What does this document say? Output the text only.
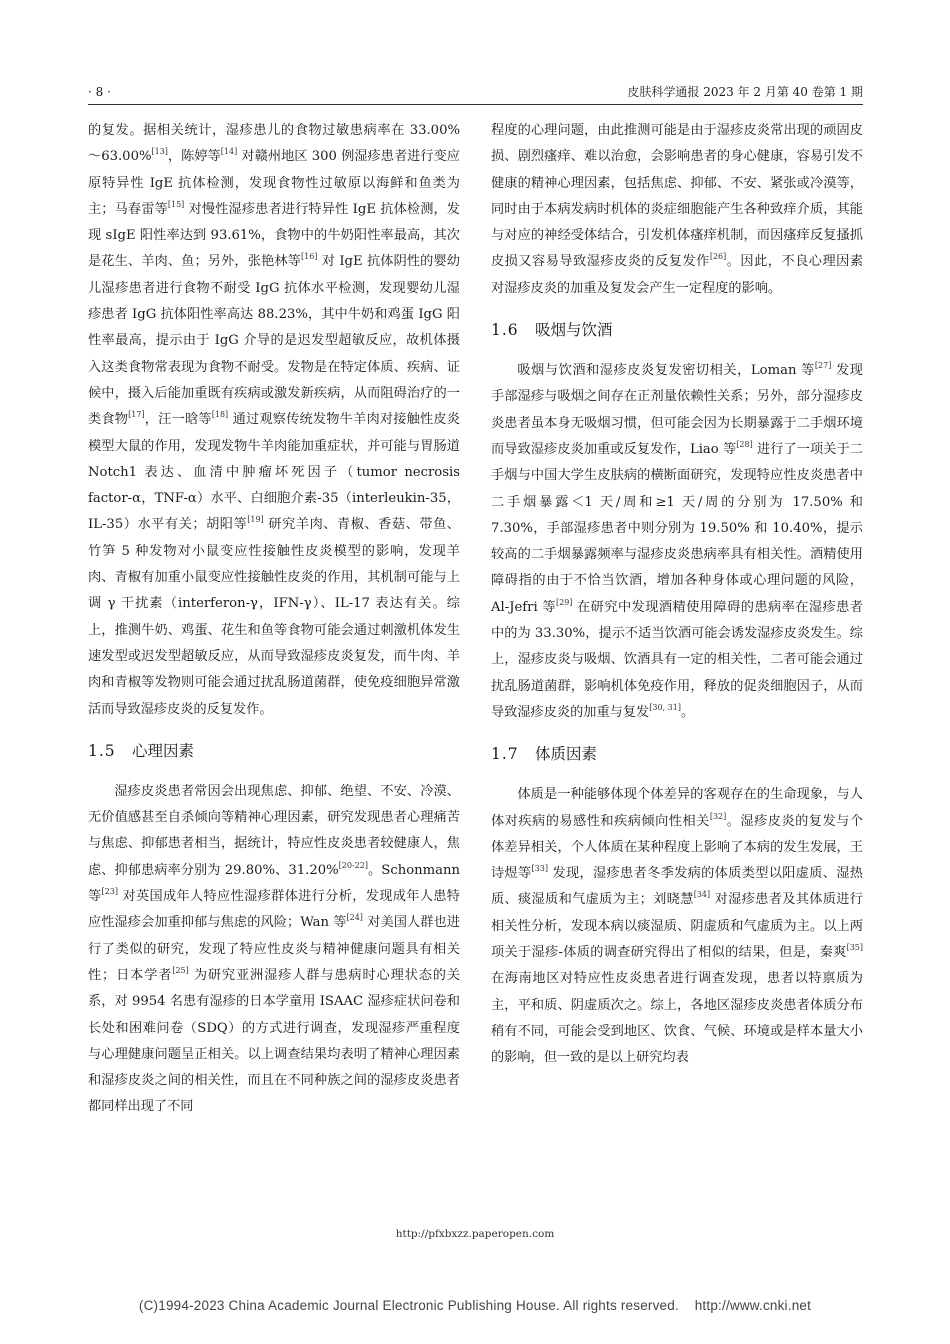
· 8 ·	皮肤科学通报 2023 年 2 月第 40 卷第 1 期

的复发。据相关统计，湿疹患儿的食物过敏患病率在 33.00% ～63.00%[13]，陈婷等[14] 对赣州地区 300 例湿疹患者进行变应原特异性 IgE 抗体检测，发现食物性过敏原以海鲜和鱼类为主；马春雷等[15] 对慢性湿疹患者进行特异性 IgE 抗体检测，发现 sIgE 阳性率达到 93.61%，食物中的牛奶阳性率最高，其次是花生、羊肉、鱼；另外，张艳林等[16] 对 IgE 抗体阴性的婴幼儿湿疹患者进行食物不耐受 IgG 抗体水平检测，发现婴幼儿湿疹患者 IgG 抗体阳性率高达 88.23%，其中牛奶和鸡蛋 IgG 阳性率最高，提示由于 IgG 介导的是迟发型超敏反应，故机体摄入这类食物常表现为食物不耐受。发物是在特定体质、疾病、证候中，摄入后能加重既有疾病或激发新疾病，从而阻碍治疗的一类食物[17]，汪一晗等[18] 通过观察传统发物牛羊肉对接触性皮炎模型大鼠的作用，发现发物牛羊肉能加重症状，并可能与胃肠道 Notch1 表达、血清中肿瘤坏死因子（tumor necrosis factor-α，TNF-α）水平、白细胞介素-35（interleukin-35，IL-35）水平有关；胡阳等[19] 研究羊肉、青椒、香菇、带鱼、竹笋 5 种发物对小鼠变应性接触性皮炎模型的影响，发现羊肉、青椒有加重小鼠变应性接触性皮炎的作用，其机制可能与上调 γ 干扰素（interferon-γ，IFN-γ）、IL-17 表达有关。综上，推测牛奶、鸡蛋、花生和鱼等食物可能会通过刺激机体发生速发型或迟发型超敏反应，从而导致湿疹皮炎复发，而牛肉、羊肉和青椒等发物则可能会通过扰乱肠道菌群，使免疫细胞异常激活而导致湿疹皮炎的反复发作。

1.5	心理因素

湿疹皮炎患者常因会出现焦虑、抑郁、绝望、不安、冷漠、无价值感甚至自杀倾向等精神心理因素，研究发现患者心理痛苦与焦虑、抑郁患者相当，据统计，特应性皮炎患者较健康人，焦虑、抑郁患病率分别为 29.80%、31.20%[20-22]。Schonmann 等[23] 对英国成年人特应性湿疹群体进行分析，发现成年人患特应性湿疹会加重抑郁与焦虑的风险；Wan 等[24] 对美国人群也进行了类似的研究，发现了特应性皮炎与精神健康问题具有相关性；日本学者[25] 为研究亚洲湿疹人群与患病时心理状态的关系，对 9954 名患有湿疹的日本学童用 ISAAC 湿疹症状问卷和长处和困难问卷（SDQ）的方式进行调查，发现湿疹严重程度与心理健康问题呈正相关。以上调查结果均表明了精神心理因素和湿疹皮炎之间的相关性，而且在不同种族之间的湿疹皮炎患者都同样出现了不同

程度的心理问题，由此推测可能是由于湿疹皮炎常出现的顽固皮损、剧烈瘙痒、难以治愈，会影响患者的身心健康，容易引发不健康的精神心理因素，包括焦虑、抑郁、不安、紧张或冷漠等，同时由于本病发病时机体的炎症细胞能产生各种致痒介质，其能与对应的神经受体结合，引发机体瘙痒机制，而因瘙痒反复搔抓皮损又容易导致湿疹皮炎的反复发作[26]。因此，不良心理因素对湿疹皮炎的加重及复发会产生一定程度的影响。

1.6	吸烟与饮酒

吸烟与饮酒和湿疹皮炎复发密切相关，Loman 等[27] 发现手部湿疹与吸烟之间存在正剂量依赖性关系；另外，部分湿疹皮炎患者虽本身无吸烟习惯，但可能会因为长期暴露于二手烟环境而导致湿疹皮炎加重或反复发作，Liao 等[28] 进行了一项关于二手烟与中国大学生皮肤病的横断面研究，发现特应性皮炎患者中二手烟暴露＜1 天/周和≥1 天/周的分别为 17.50% 和 7.30%，手部湿疹患者中则分别为 19.50% 和 10.40%，提示较高的二手烟暴露频率与湿疹皮炎患病率具有相关性。酒精使用障碍指的由于不恰当饮酒，增加各种身体或心理问题的风险，Al-Jefri 等[29] 在研究中发现酒精使用障碍的患病率在湿疹患者中的为 33.30%，提示不适当饮酒可能会诱发湿疹皮炎发生。综上，湿疹皮炎与吸烟、饮酒具有一定的相关性，二者可能会通过扰乱肠道菌群，影响机体免疫作用，释放的促炎细胞因子，从而导致湿疹皮炎的加重与复发[30, 31]。

1.7	体质因素

体质是一种能够体现个体差异的客观存在的生命现象，与人体对疾病的易感性和疾病倾向性相关[32]。湿疹皮炎的复发与个体差异相关，个人体质在某种程度上影响了本病的发生发展，王诗煜等[33] 发现，湿疹患者冬季发病的体质类型以阳虚质、湿热质、痰湿质和气虚质为主；刘晓慧[34] 对湿疹患者及其体质进行相关性分析，发现本病以痰湿质、阴虚质和气虚质为主。以上两项关于湿疹-体质的调查研究得出了相似的结果，但是，秦爽[35] 在海南地区对特应性皮炎患者进行调查发现，患者以特禀质为主，平和质、阴虚质次之。综上，各地区湿疹皮炎患者体质分布稍有不同，可能会受到地区、饮食、气候、环境或是样本量大小的影响，但一致的是以上研究均表

http://pfxbxzz.paperopen.com
(C)1994-2023 China Academic Journal Electronic Publishing House. All rights reserved.    http://www.cnki.net
